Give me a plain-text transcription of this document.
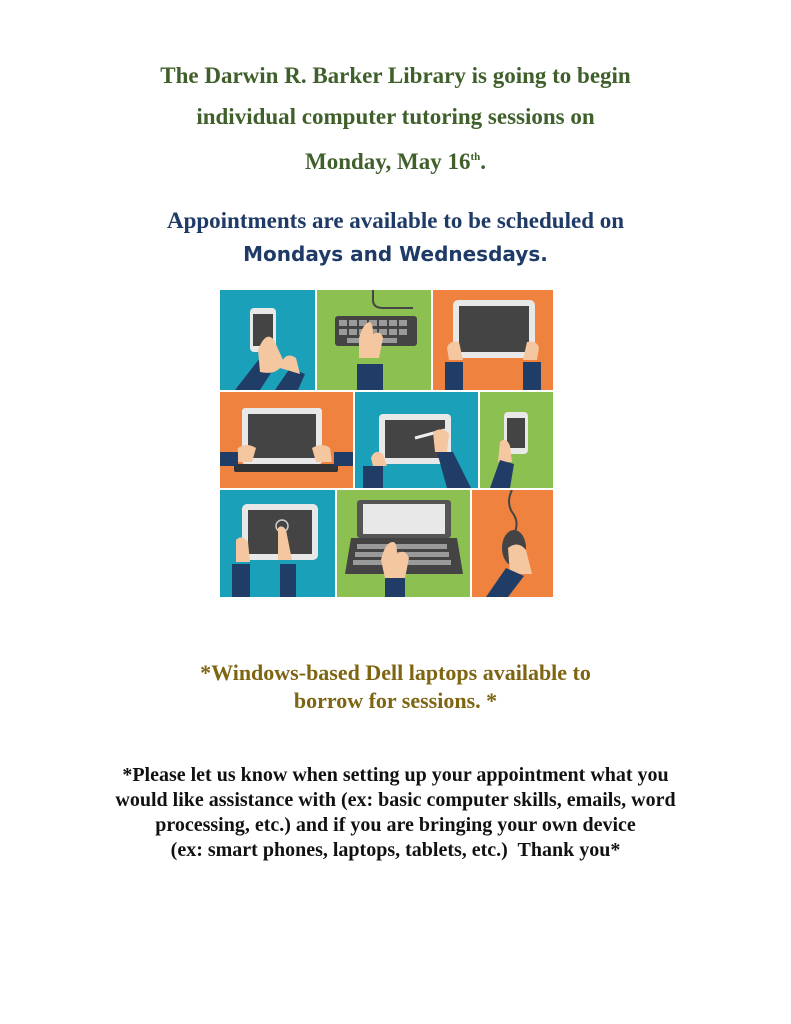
The Darwin R. Barker Library is going to begin
individual computer tutoring sessions on
Monday, May 16th.
Appointments are available to be scheduled on
Mondays and Wednesdays.
*Windows-based Dell laptops available to
borrow for sessions. *
*Please let us know when setting up your appointment what you
would like assistance with (ex: basic computer skills, emails, word
processing, etc.) and if you are bringing your own device
(ex: smart phones, laptops, tablets, etc.)  Thank you*
